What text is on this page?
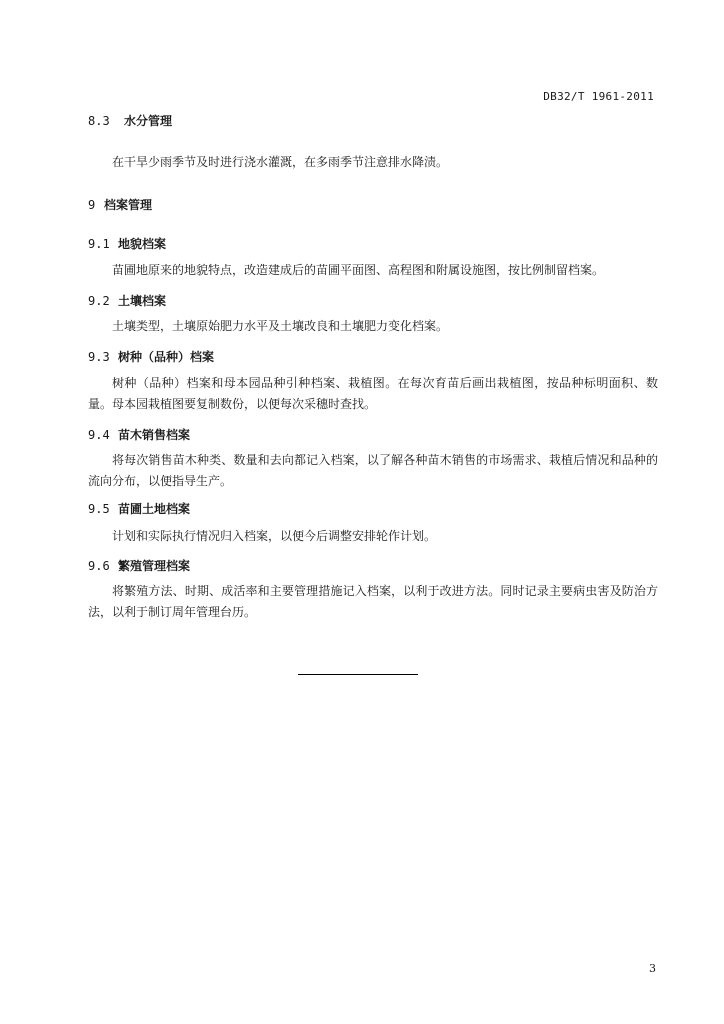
DB32/T 1961-2011
8.3 水分管理
在干旱少雨季节及时进行浇水灌溉，在多雨季节注意排水降渍。
9 档案管理
9.1 地貌档案
苗圃地原来的地貌特点，改造建成后的苗圃平面图、高程图和附属设施图，按比例制留档案。
9.2 土壤档案
土壤类型，土壤原始肥力水平及土壤改良和土壤肥力变化档案。
9.3 树种（品种）档案
树种（品种）档案和母本园品种引种档案、栽植图。在每次育苗后画出栽植图，按品种标明面积、数量。母本园栽植图要复制数份，以便每次采穗时查找。
9.4 苗木销售档案
将每次销售苗木种类、数量和去向都记入档案，以了解各种苗木销售的市场需求、栽植后情况和品种的流向分布，以便指导生产。
9.5 苗圃土地档案
计划和实际执行情况归入档案，以便今后调整安排轮作计划。
9.6 繁殖管理档案
将繁殖方法、时期、成活率和主要管理措施记入档案，以利于改进方法。同时记录主要病虫害及防治方法，以利于制订周年管理台历。
3
